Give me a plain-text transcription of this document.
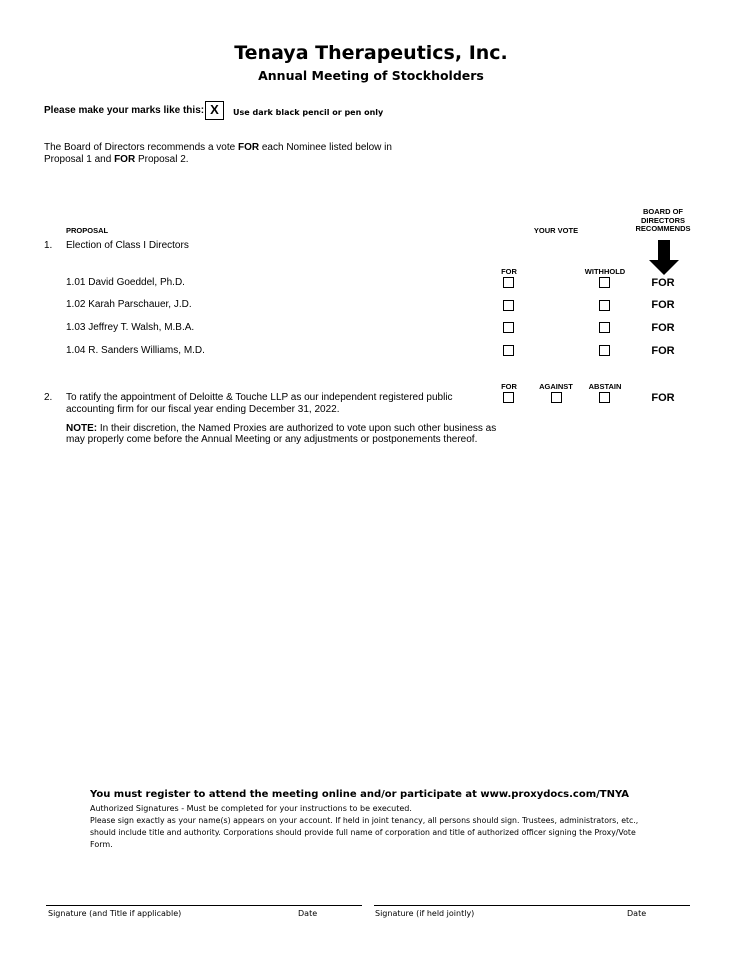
Tenaya Therapeutics, Inc.
Annual Meeting of Stockholders
Please make your marks like this: X	Use dark black pencil or pen only
The Board of Directors recommends a vote FOR each Nominee listed below in
Proposal 1 and FOR Proposal 2.
PROPOSAL	YOUR VOTE
BOARD OF
DIRECTORS
RECOMMENDS
1. Election of Class I Directors
FOR	WITHHOLD
1.01 David Goeddel, Ph.D.	FOR
1.02 Karah Parschauer, J.D.	FOR
1.03 Jeffrey T. Walsh, M.B.A.	FOR
1.04 R. Sanders Williams, M.D.	FOR
FOR	AGAINST	ABSTAIN
2. To ratify the appointment of Deloitte & Touche LLP as our independent registered public
accounting firm for our fiscal year ending December 31, 2022.
FOR
NOTE: In their discretion, the Named Proxies are authorized to vote upon such other business as
may properly come before the Annual Meeting or any adjustments or postponements thereof.
You must register to attend the meeting online and/or participate at www.proxydocs.com/TNYA
Authorized Signatures - Must be completed for your instructions to be executed.
Please sign exactly as your name(s) appears on your account. If held in joint tenancy, all persons should sign. Trustees, administrators, etc.,
should include title and authority. Corporations should provide full name of corporation and title of authorized officer signing the Proxy/Vote
Form.
Signature (and Title if applicable)	Date	Signature (if held jointly)	Date
